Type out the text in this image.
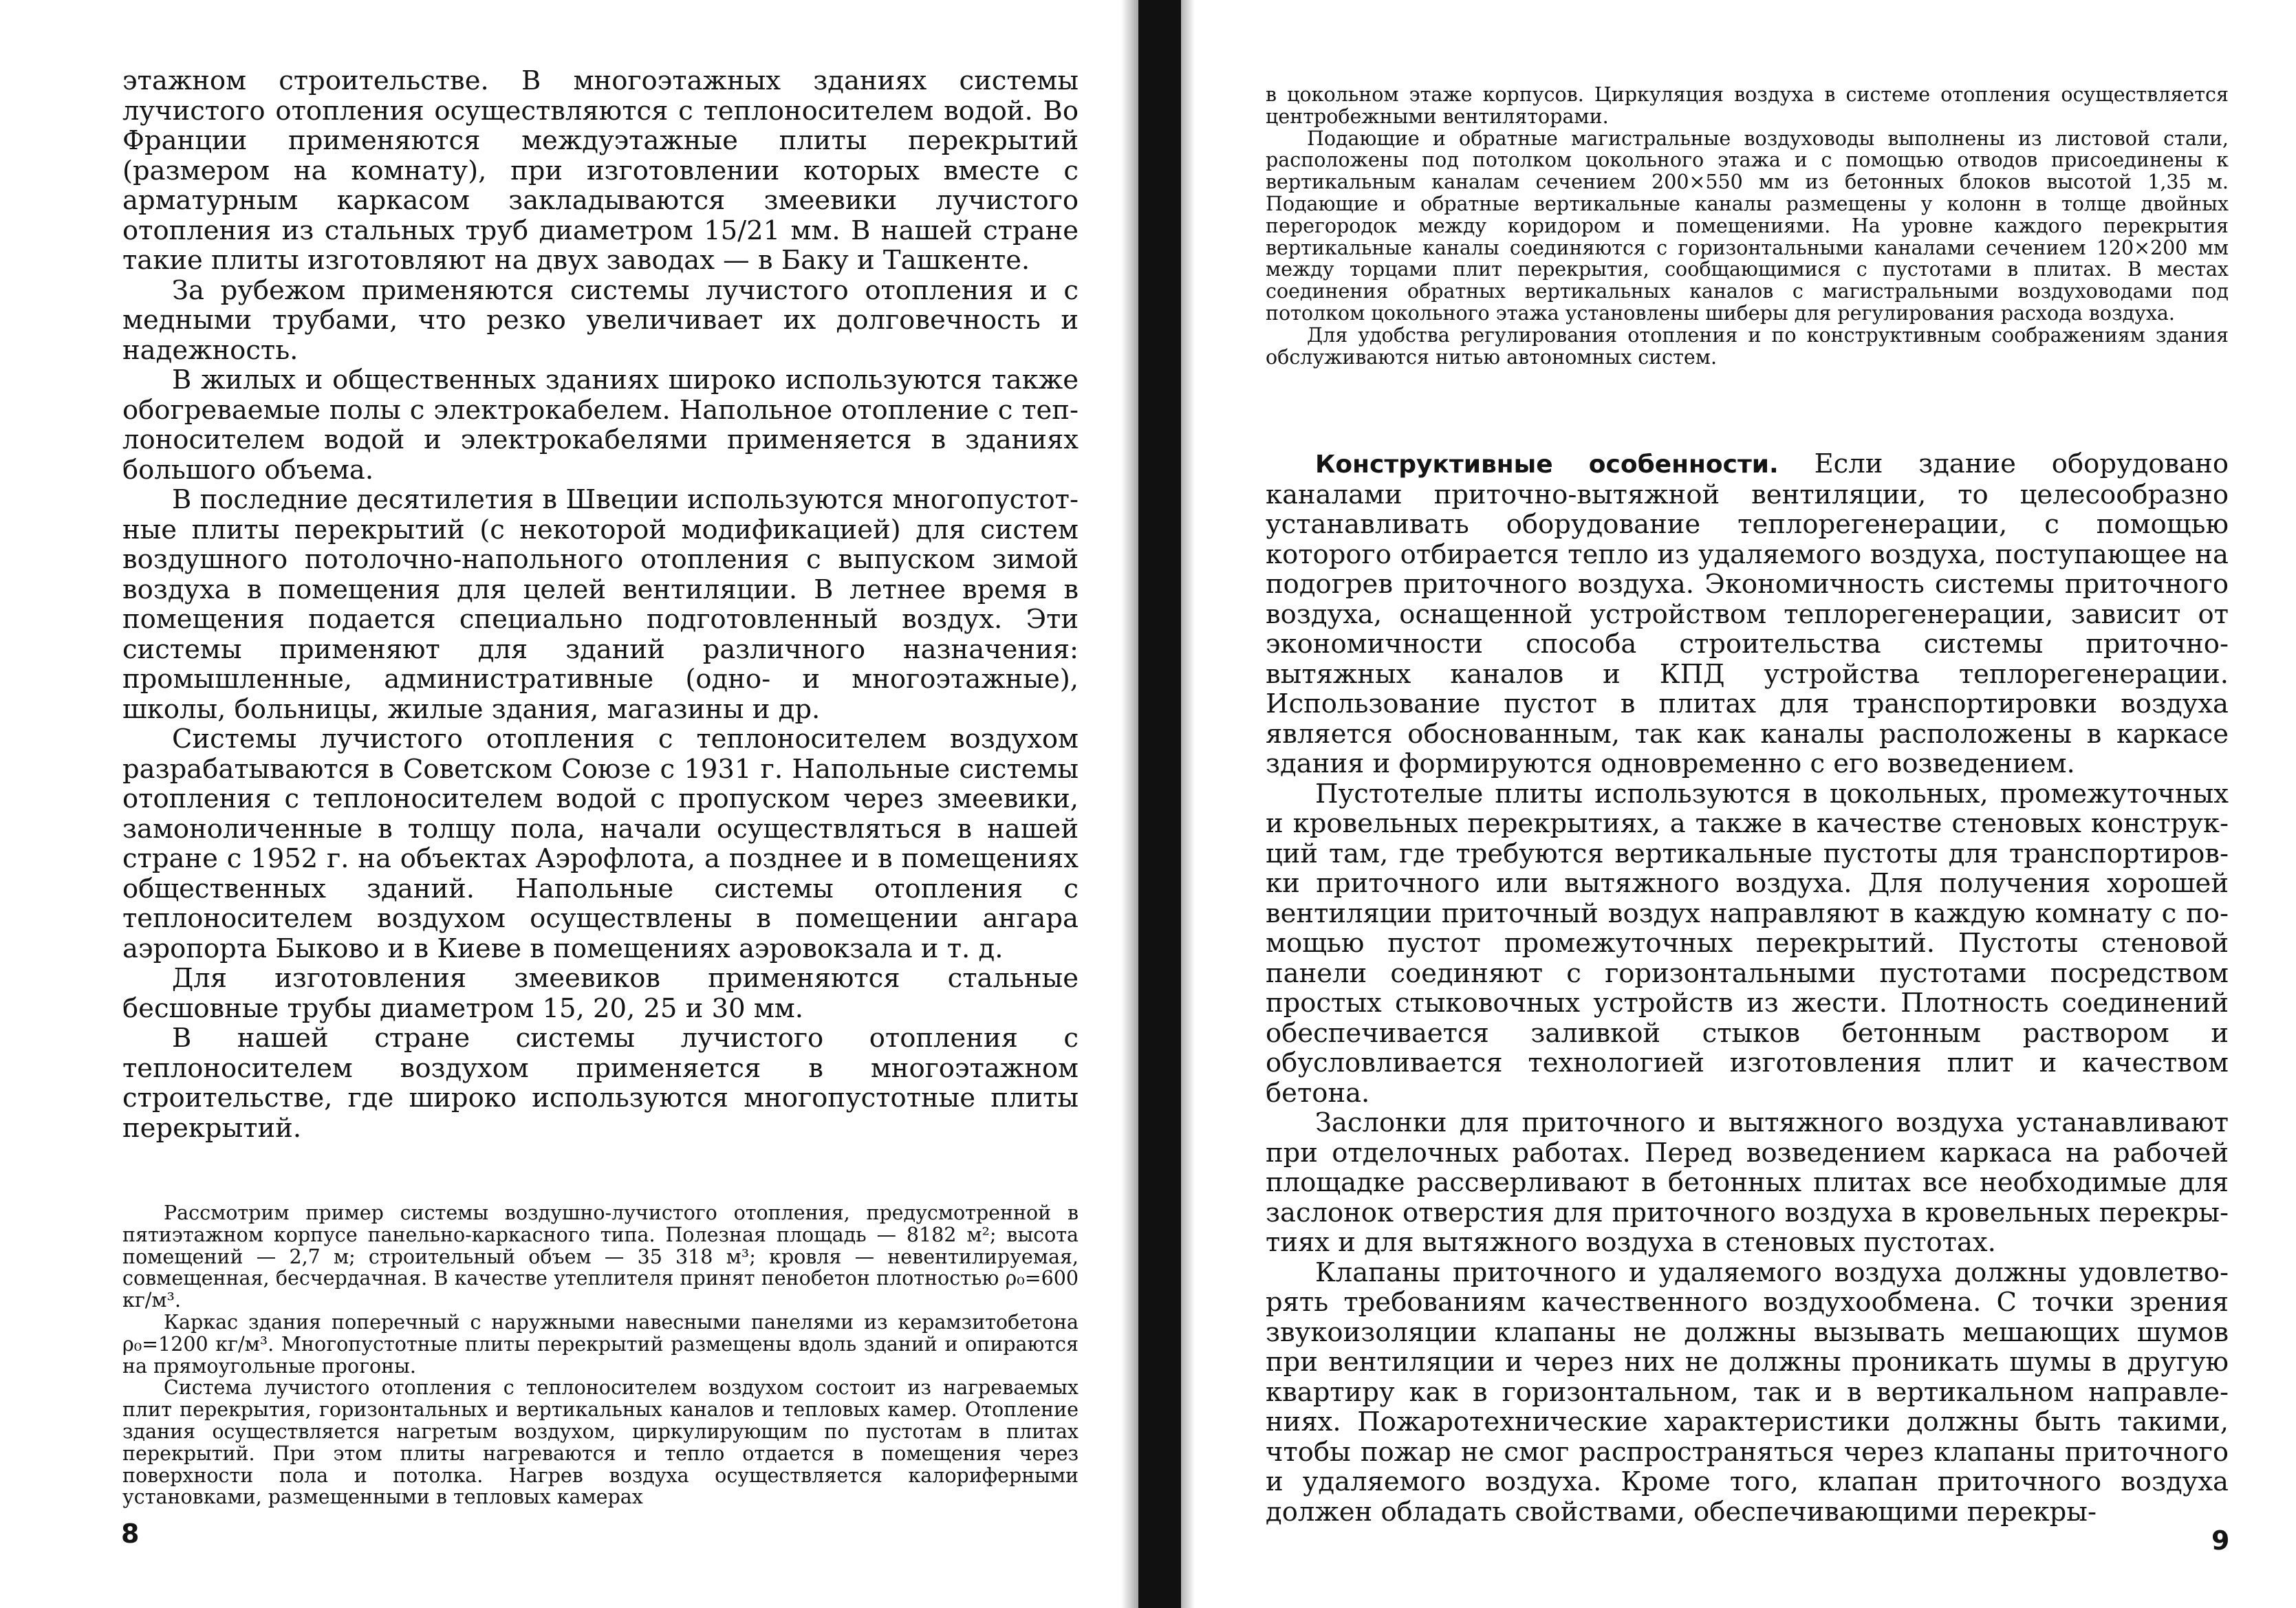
этажном строительстве. В многоэтажных зданиях системы лучистого отопления осуществляются с теплоносителем водой. Во Франции применяются междуэтажные плиты перекрытий (размером на комнату), при изготовлении которых вместе с арматурным каркасом закладываются змеевики лучистого отопления из стальных труб диаметром 15/21 мм. В нашей стране такие плиты изготовляют на двух заводах — в Баку и Ташкенте.

За рубежом применяются системы лучистого отопления и с медными трубами, что резко увеличивает их долговечность и надежность.

В жилых и общественных зданиях широко используются также обогреваемые полы с электрокабелем. Напольное отопление с теплоносителем водой и электрокабелями применяется в зданиях большого объема.

В последние десятилетия в Швеции используются многопустотные плиты перекрытий (с некоторой модификацией) для систем воздушного потолочно-напольного отопления с выпуском зимой воздуха в помещения для целей вентиляции. В летнее время в помещения подается специально подготовленный воздух. Эти системы применяют для зданий различного назначения: промышленные, административные (одно- и многоэтажные), школы, больницы, жилые здания, магазины и др.

Системы лучистого отопления с теплоносителем воздухом разрабатываются в Советском Союзе с 1931 г. Напольные системы отопления с теплоносителем водой с пропуском через змеевики, замоноличенные в толщу пола, начали осуществляться в нашей стране с 1952 г. на объектах Аэрофлота, а позднее и в помещениях общественных зданий. Напольные системы отопления с теплоносителем воздухом осуществлены в помещении ангара аэропорта Быково и в Киеве в помещениях аэровокзала и т. д.

Для изготовления змеевиков применяются стальные бесшовные трубы диаметром 15, 20, 25 и 30 мм.

В нашей стране системы лучистого отопления с теплоносителем воздухом применяется в многоэтажном строительстве, где широко используются многопустотные плиты перекрытий.

Рассмотрим пример системы воздушно-лучистого отопления, предусмотренной в пятиэтажном корпусе панельно-каркасного типа. Полезная площадь — 8182 м²; высота помещений — 2,7 м; строительный объем — 35 318 м³; кровля — невентилируемая, совмещенная, бесчердачная. В качестве утеплителя принят пенобетон плотностью ρ₀=600 кг/м³.

Каркас здания поперечный с наружными навесными панелями из керамзитобетона ρ₀=1200 кг/м³. Многопустотные плиты перекрытий размещены вдоль зданий и опираются на прямоугольные прогоны.

Система лучистого отопления с теплоносителем воздухом состоит из нагреваемых плит перекрытия, горизонтальных и вертикальных каналов и тепловых камер. Отопление здания осуществляется нагретым воздухом, циркулирующим по пустотам в плитах перекрытий. При этом плиты нагреваются и тепло отдается в помещения через поверхности пола и потолка. Нагрев воздуха осуществляется калориферными установками, размещенными в тепловых камерах

8

в цокольном этаже корпусов. Циркуляция воздуха в системе отопления осуществляется центробежными вентиляторами.

Подающие и обратные магистральные воздуховоды выполнены из листовой стали, расположены под потолком цокольного этажа и с помощью отводов присоединены к вертикальным каналам сечением 200×550 мм из бетонных блоков высотой 1,35 м. Подающие и обратные вертикальные каналы размещены у колонн в толще двойных перегородок между коридором и помещениями. На уровне каждого перекрытия вертикальные каналы соединяются с горизонтальными каналами сечением 120×200 мм между торцами плит перекрытия, сообщающимися с пустотами в плитах. В местах соединения обратных вертикальных каналов с магистральными воздуховодами под потолком цокольного этажа установлены шиберы для регулирования расхода воздуха.

Для удобства регулирования отопления и по конструктивным соображениям здания обслуживаются нитью автономных систем.

Конструктивные особенности. Если здание оборудовано каналами приточно-вытяжной вентиляции, то целесообразно устанавливать оборудование теплорегенерации, с помощью которого отбирается тепло из удаляемого воздуха, поступающее на подогрев приточного воздуха. Экономичность системы приточного воздуха, оснащенной устройством теплорегенерации, зависит от экономичности способа строительства системы приточно-вытяжных каналов и КПД устройства теплорегенерации. Использование пустот в плитах для транспортировки воздуха является обоснованным, так как каналы расположены в каркасе здания и формируются одновременно с его возведением.

Пустотелые плиты используются в цокольных, промежуточных и кровельных перекрытиях, а также в качестве стеновых конструкций там, где требуются вертикальные пустоты для транспортировки приточного или вытяжного воздуха. Для получения хорошей вентиляции приточный воздух направляют в каждую комнату с помощью пустот промежуточных перекрытий. Пустоты стеновой панели соединяют с горизонтальными пустотами посредством простых стыковочных устройств из жести. Плотность соединений обеспечивается заливкой стыков бетонным раствором и обусловливается технологией изготовления плит и качеством бетона.

Заслонки для приточного и вытяжного воздуха устанавливают при отделочных работах. Перед возведением каркаса на рабочей площадке рассверливают в бетонных плитах все необходимые для заслонок отверстия для приточного воздуха в кровельных перекрытиях и для вытяжного воздуха в стеновых пустотах.

Клапаны приточного и удаляемого воздуха должны удовлетворять требованиям качественного воздухообмена. С точки зрения звукоизоляции клапаны не должны вызывать мешающих шумов при вентиляции и через них не должны проникать шумы в другую квартиру как в горизонтальном, так и в вертикальном направлениях. Пожаротехнические характеристики должны быть такими, чтобы пожар не смог распространяться через клапаны приточного и удаляемого воздуха. Кроме того, клапан приточного воздуха должен обладать свойствами, обеспечивающими перекры-

9
